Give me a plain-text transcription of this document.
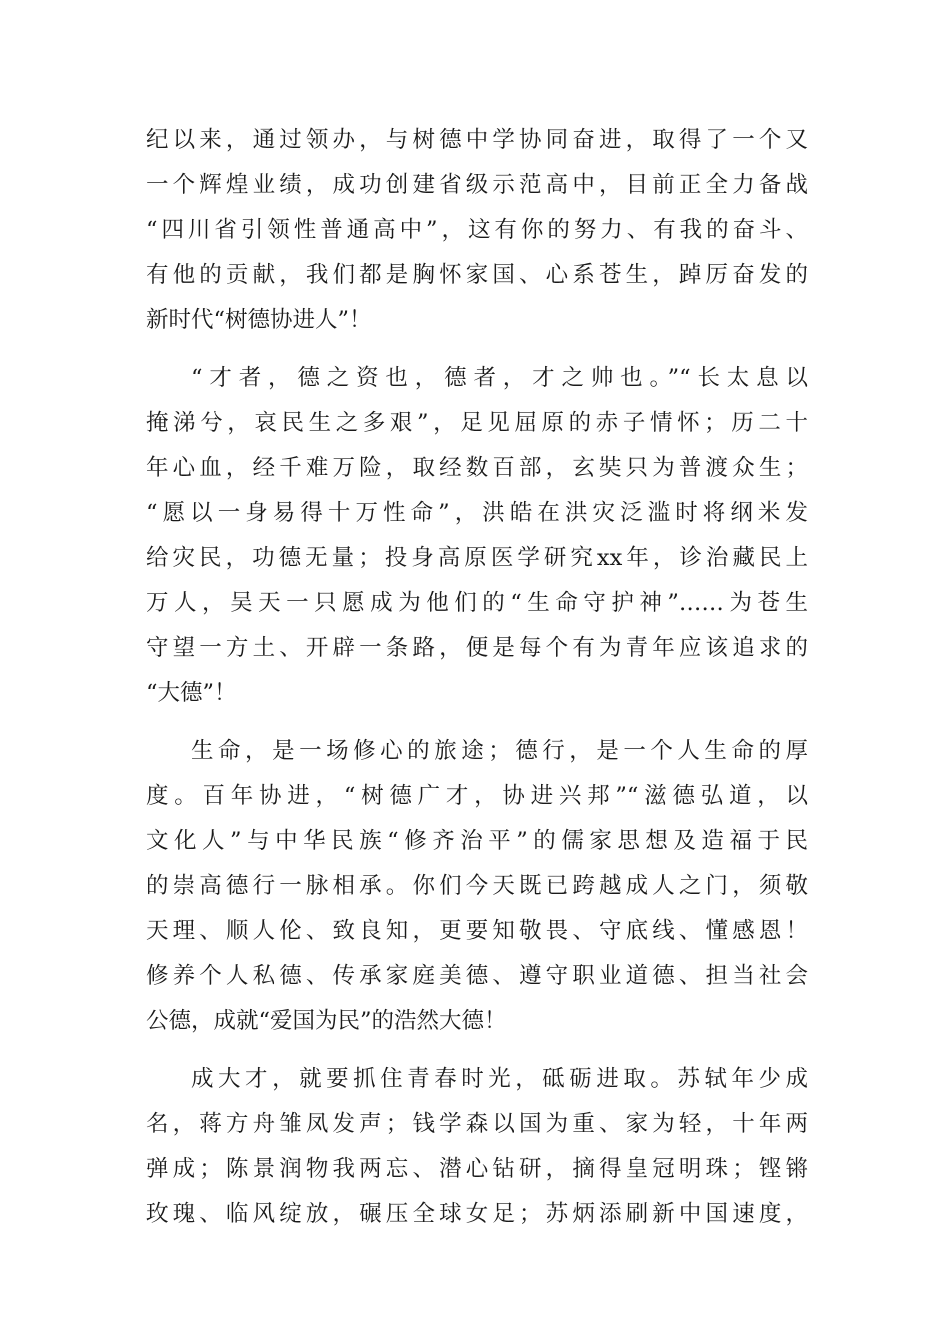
纪以来，通过领办，与树德中学协同奋进，取得了一个又
一个辉煌业绩，成功创建省级示范高中，目前正全力备战
“四川省引领性普通高中”，这有你的努力、有我的奋斗、
有他的贡献，我们都是胸怀家国、心系苍生，踔厉奋发的
新时代“树德协进人”！

“才者，德之资也，德者，才之帅也。”“长太息以
掩涕兮，哀民生之多艰”，足见屈原的赤子情怀；历二十
年心血，经千难万险，取经数百部，玄奘只为普渡众生；
“愿以一身易得十万性命”，洪皓在洪灾泛滥时将纲米发
给灾民，功德无量；投身高原医学研究xx年，诊治藏民上
万人，吴天一只愿成为他们的“生命守护神”……为苍生
守望一方土、开辟一条路，便是每个有为青年应该追求的
“大德”！

生命，是一场修心的旅途；德行，是一个人生命的厚
度。百年协进，“树德广才，协进兴邦”“滋德弘道，以
文化人”与中华民族“修齐治平”的儒家思想及造福于民
的崇高德行一脉相承。你们今天既已跨越成人之门，须敬
天理、顺人伦、致良知，更要知敬畏、守底线、懂感恩！
修养个人私德、传承家庭美德、遵守职业道德、担当社会
公德，成就“爱国为民”的浩然大德！

成大才，就要抓住青春时光，砥砺进取。苏轼年少成
名，蒋方舟雏凤发声；钱学森以国为重、家为轻，十年两
弹成；陈景润物我两忘、潜心钻研，摘得皇冠明珠；铿锵
玫瑰、临风绽放，碾压全球女足；苏炳添刷新中国速度，
